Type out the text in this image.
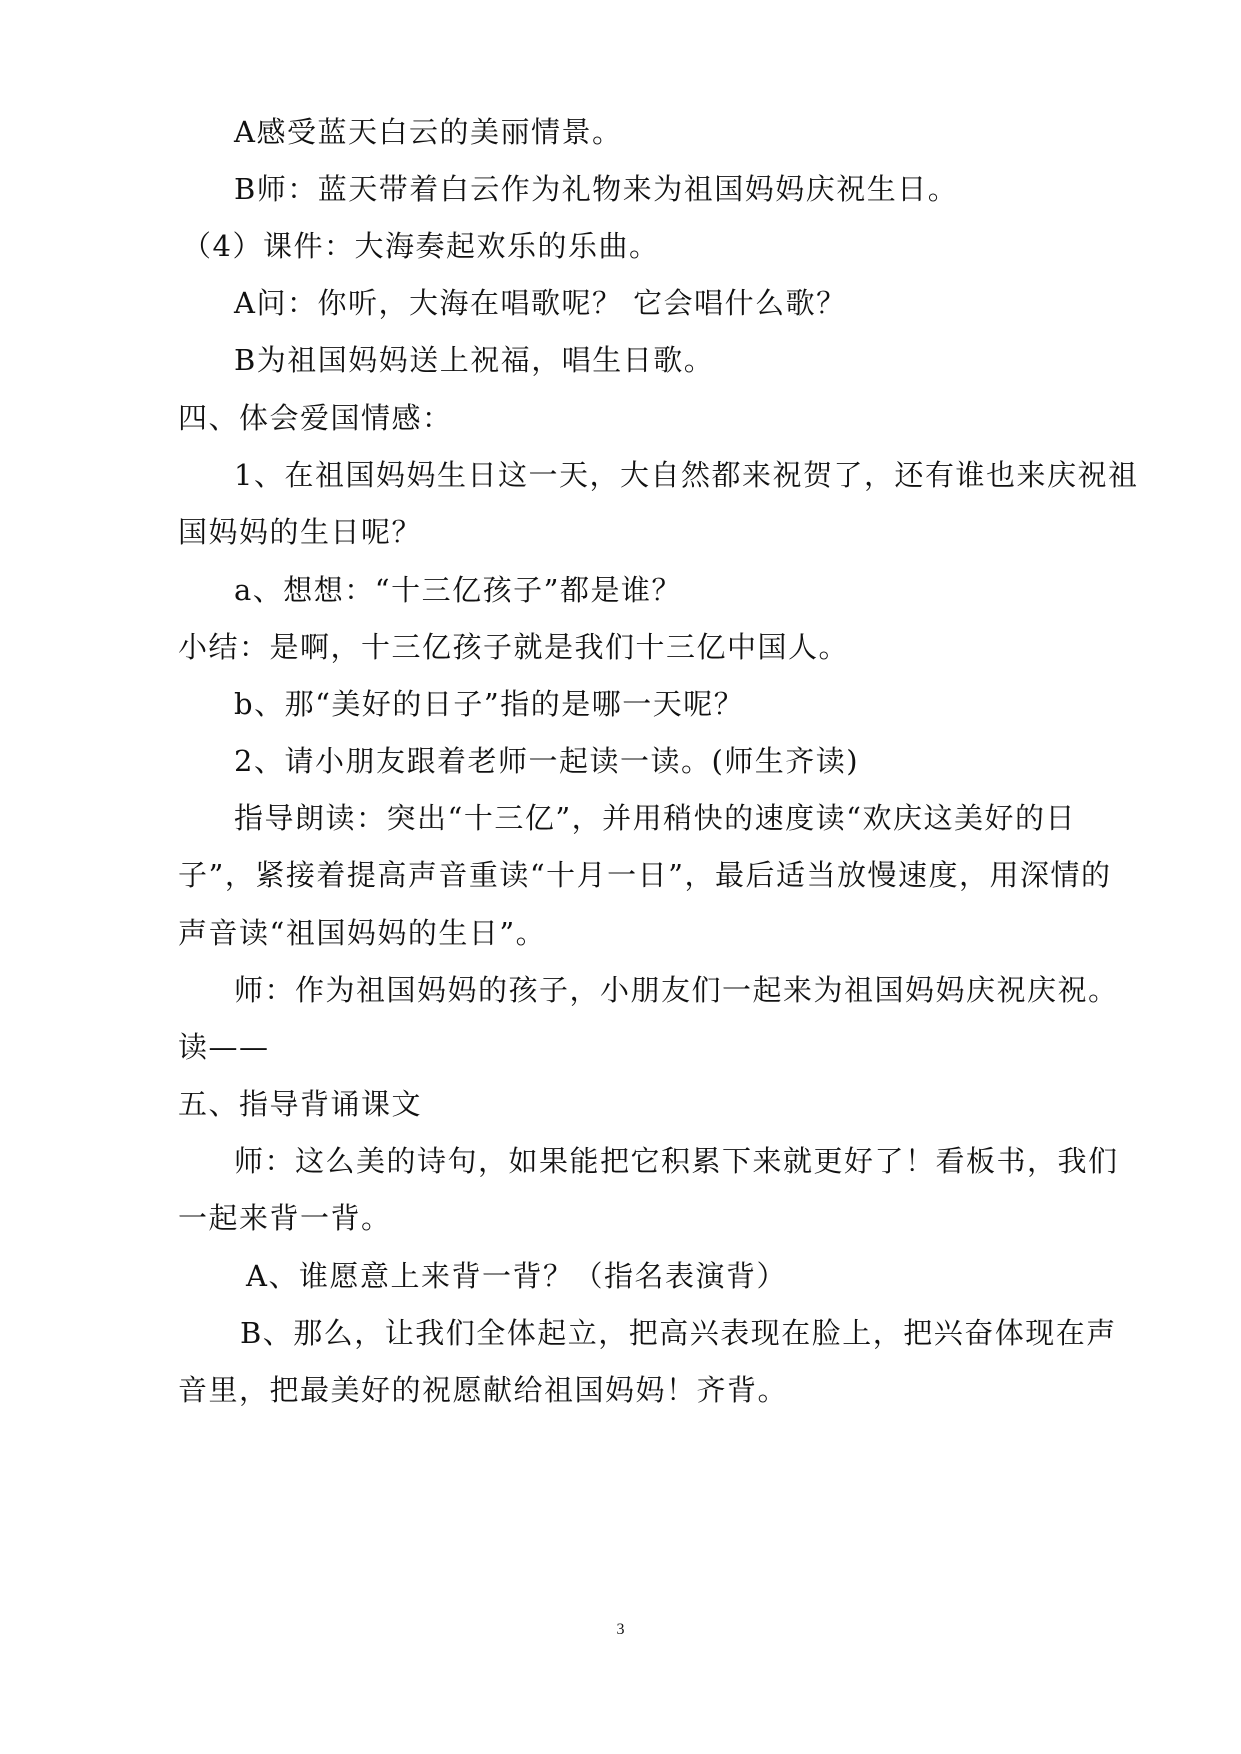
A感受蓝天白云的美丽情景。
B师：蓝天带着白云作为礼物来为祖国妈妈庆祝生日。
（4）课件：大海奏起欢乐的乐曲。
A问：你听，大海在唱歌呢？ 它会唱什么歌？
B为祖国妈妈送上祝福，唱生日歌。
四、体会爱国情感：
1、在祖国妈妈生日这一天，大自然都来祝贺了，还有谁也来庆祝祖
国妈妈的生日呢？
a、想想：“十三亿孩子”都是谁？
小结：是啊，十三亿孩子就是我们十三亿中国人。
b、那“美好的日子”指的是哪一天呢？
2、请小朋友跟着老师一起读一读。(师生齐读)
指导朗读：突出“十三亿”，并用稍快的速度读“欢庆这美好的日
子”，紧接着提高声音重读“十月一日”，最后适当放慢速度，用深情的
声音读“祖国妈妈的生日”。
师：作为祖国妈妈的孩子，小朋友们一起来为祖国妈妈庆祝庆祝。
读——
五、指导背诵课文
师：这么美的诗句，如果能把它积累下来就更好了！看板书，我们
一起来背一背。
A、谁愿意上来背一背？（指名表演背）
B、那么，让我们全体起立，把高兴表现在脸上，把兴奋体现在声
音里，把最美好的祝愿献给祖国妈妈！齐背。
3
